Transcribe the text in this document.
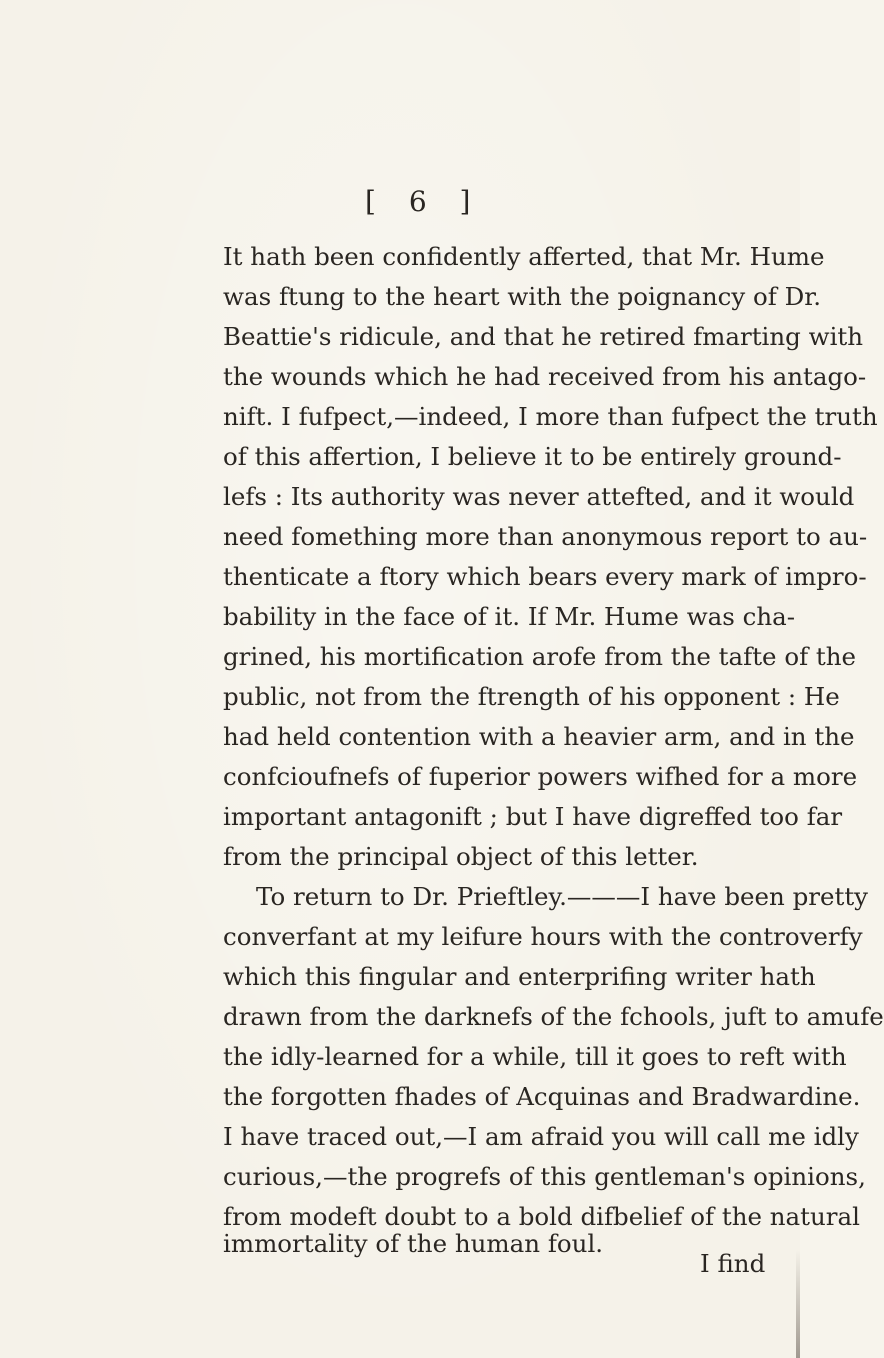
[ 6 ]
It hath been confidently afferted, that Mr. Hume
was ftung to the heart with the poignancy of Dr.
Beattie's ridicule, and that he retired fmarting with
the wounds which he had received from his antago-
nift. I fufpect,—indeed, I more than fufpect the truth
of this affertion, I believe it to be entirely ground-
lefs : Its authority was never attefted, and it would
need fomething more than anonymous report to au-
thenticate a ftory which bears every mark of impro-
bability in the face of it. If Mr. Hume was cha-
grined, his mortification arofe from the tafte of the
public, not from the ftrength of his opponent : He
had held contention with a heavier arm, and in the
confcioufnefs of fuperior powers wifhed for a more
important antagonift ; but I have digreffed too far
from the principal object of this letter.
To return to Dr. Prieftley.———I have been pretty
converfant at my leifure hours with the controverfy
which this fingular and enterprifing writer hath
drawn from the darknefs of the fchools, juft to amufe
the idly-learned for a while, till it goes to reft with
the forgotten fhades of Acquinas and Bradwardine.
I have traced out,—I am afraid you will call me idly
curious,—the progrefs of this gentleman's opinions,
from modeft doubt to a bold difbelief of the natural
immortality of the human foul.
I find
